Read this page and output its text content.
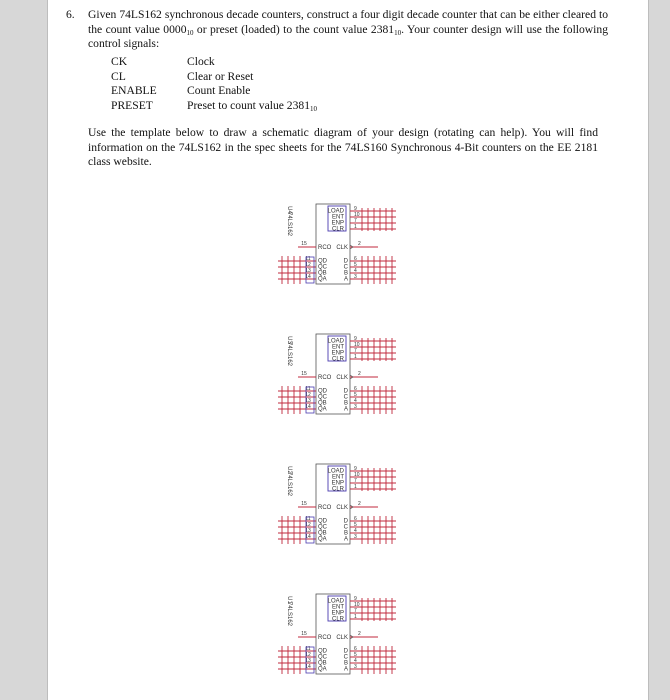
6. Given 74LS162 synchronous decade counters, construct a four digit decade counter that can be either cleared to the count value $0000_{10}$ or preset (loaded) to the count value $2381_{10}$. Your counter design will use the following control signals:
CK	Clock
CL	Clear or Reset
ENABLE	Count Enable
PRESET	Preset to count value $2381_{10}$
Use the template below to draw a schematic diagram of your design (rotating can help). You will find information on the 74LS162 in the spec sheets for the 74LS160 Synchronous 4-Bit counters on the EE 2181 class website.
U4
74LS162
LOAD 9
ENT 10
ENP 7
CLR 1
RCO CLK
15	2
QD
11	D 6
QC
12	C 5
QB
13	B 4
QA
14	A 3
U3
74LS162
LOAD 9
ENT 10
ENP 7
CLR 1
RCO CLK
15	2
QD
11	D 6
QC
12	C 5
QB
13	B 4
QA
14	A 3
U2
74LS162
LOAD 9
ENT 10
ENP 7
CLR 1
RCO CLK
15	2
QD
11	D 6
QC
12	C 5
QB
13	B 4
QA
14	A 3
U1
74LS162
LOAD 9
ENT 10
ENP 7
CLR 1
RCO CLK
15	2
QD
11	D 6
QC
12	C 5
QB
13	B 4
QA
14	A 3
